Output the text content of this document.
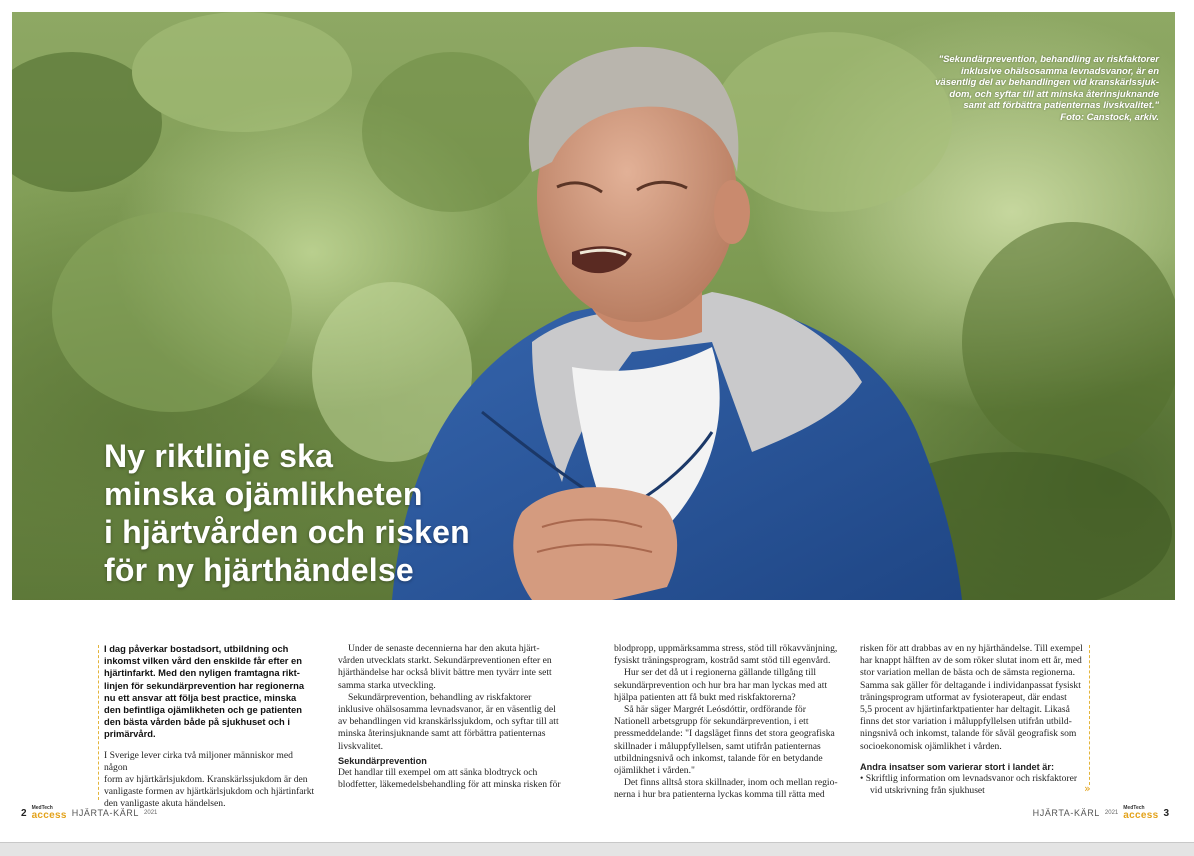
"Sekundärprevention, behandling av riskfaktorer
inklusive ohälsosamma levnadsvanor, är en
väsentlig del av behandlingen vid kranskärlssjuk-
dom, och syftar till att minska återinsjuknande
samt att förbättra patienternas livskvalitet."
Foto: Canstock, arkiv.
Ny riktlinje ska
minska ojämlikheten
i hjärtvården och risken
för ny hjärthändelse

I dag påverkar bostadsort, utbildning och
inkomst vilken vård den enskilde får efter en
hjärtinfarkt. Med den nyligen framtagna rikt-
linjen för sekundärprevention har regionerna
nu ett ansvar att följa best practice, minska
den befintliga ojämlikheten och ge patienten
den bästa vården både på sjukhuset och i
primärvård.

I Sverige lever cirka två miljoner människor med någon
form av hjärtkärlsjukdom. Kranskärlssjukdom är den
vanligaste formen av hjärtkärlsjukdom och hjärtinfarkt
den vanligaste akuta händelsen.

Under de senaste decennierna har den akuta hjärt-
vården utvecklats starkt. Sekundärpreventionen efter en
hjärthändelse har också blivit bättre men tyvärr inte sett
samma starka utveckling.

Sekundärprevention, behandling av riskfaktorer
inklusive ohälsosamma levnadsvanor, är en väsentlig del
av behandlingen vid kranskärlssjukdom, och syftar till att
minska återinsjuknande samt att förbättra patienternas
livskvalitet.

Sekundärprevention

Det handlar till exempel om att sänka blodtryck och
blodfetter, läkemedelsbehandling för att minska risken för

blodpropp, uppmärksamma stress, stöd till rökavvänjning,
fysiskt träningsprogram, kostråd samt stöd till egenvård.

Hur ser det då ut i regionerna gällande tillgång till
sekundärprevention och hur bra har man lyckas med att
hjälpa patienten att få bukt med riskfaktorerna?

Så här säger Margrét Leósdóttir, ordförande för
Nationell arbetsgrupp för sekundärprevention, i ett
pressmeddelande: "I dagsläget finns det stora geografiska
skillnader i måluppfyllelsen, samt utifrån patienternas
utbildningsnivå och inkomst, talande för en betydande
ojämlikhet i vården."

Det finns alltså stora skillnader, inom och mellan regio-
nerna i hur bra patienterna lyckas komma till rätta med

risken för att drabbas av en ny hjärthändelse. Till exempel
har knappt hälften av de som röker slutat inom ett år, med
stor variation mellan de bästa och de sämsta regionerna.
Samma sak gäller för deltagande i individanpassat fysiskt
träningsprogram utformat av fysioterapeut, där endast
5,5 procent av hjärtinfarktpatienter har deltagit. Likaså
finns det stor variation i måluppfyllelsen utifrån utbild-
ningsnivå och inkomst, talande för såväl geografisk som
socioekonomisk ojämlikhet i vården.

Andra insatser som varierar stort i landet är:

• Skriftlig information om levnadsvanor och riskfaktorer
vid utskrivning från sjukhuset	»
2 MedTech
access HJÄRTA-KÄRL 2021	HJÄRTA-KÄRL 2021
MedTech
access 3
